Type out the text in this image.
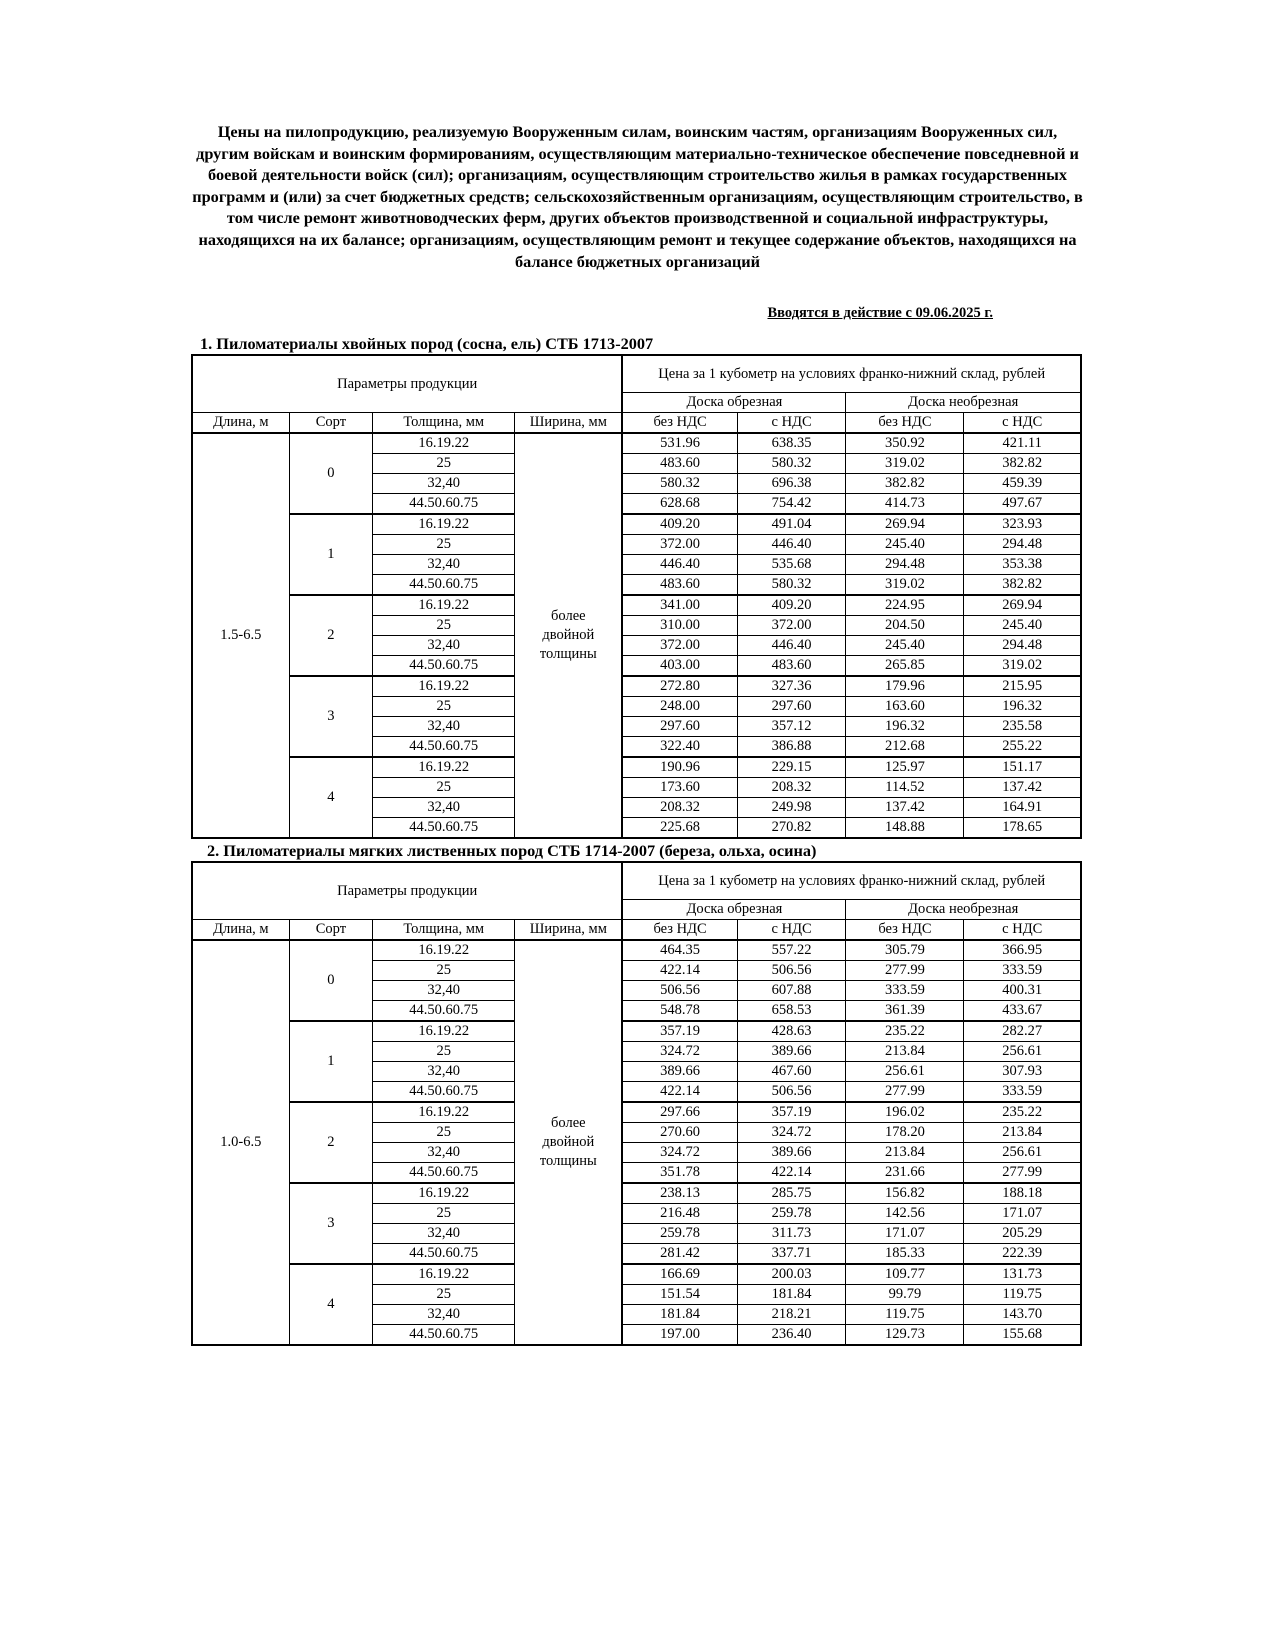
Цены на пилопродукцию, реализуемую Вооруженным силам, воинским частям, организациям Вооруженных сил, другим войскам и воинским формированиям, осуществляющим материально-техническое обеспечение повседневной и боевой деятельности войск (сил); организациям, осуществляющим строительство жилья в рамках государственных программ и (или) за счет бюджетных средств; сельскохозяйственным организациям, осуществляющим строительство, в том числе ремонт животноводческих ферм, других объектов производственной и социальной инфраструктуры, находящихся на их балансе; организациям, осуществляющим ремонт и текущее содержание объектов, находящихся на балансе бюджетных организаций
Вводятся в действие с 09.06.2025 г.
1. Пиломатериалы хвойных пород (сосна, ель) СТБ 1713-2007
Параметры продукции				Цена за 1 кубометр на условиях франко-нижний склад, рублей			
				Доска обрезная		Доска необрезная	
Длина, м	Сорт	Толщина, мм	Ширина, мм	без НДС	с НДС	без НДС	с НДС
1.5-6.5	0	16.19.22	более двойной толщины	531.96	638.35	350.92	421.11
		25		483.60	580.32	319.02	382.82
		32,40		580.32	696.38	382.82	459.39
		44.50.60.75		628.68	754.42	414.73	497.67
	1	16.19.22		409.20	491.04	269.94	323.93
		25		372.00	446.40	245.40	294.48
		32,40		446.40	535.68	294.48	353.38
		44.50.60.75		483.60	580.32	319.02	382.82
	2	16.19.22		341.00	409.20	224.95	269.94
		25		310.00	372.00	204.50	245.40
		32,40		372.00	446.40	245.40	294.48
		44.50.60.75		403.00	483.60	265.85	319.02
	3	16.19.22		272.80	327.36	179.96	215.95
		25		248.00	297.60	163.60	196.32
		32,40		297.60	357.12	196.32	235.58
		44.50.60.75		322.40	386.88	212.68	255.22
	4	16.19.22		190.96	229.15	125.97	151.17
		25		173.60	208.32	114.52	137.42
		32,40		208.32	249.98	137.42	164.91
		44.50.60.75		225.68	270.82	148.88	178.65
2. Пиломатериалы мягких лиственных пород СТБ 1714-2007 (береза, ольха, осина)
Параметры продукции				Цена за 1 кубометр на условиях франко-нижний склад, рублей			
				Доска обрезная		Доска необрезная	
Длина, м	Сорт	Толщина, мм	Ширина, мм	без НДС	с НДС	без НДС	с НДС
1.0-6.5	0	16.19.22	более двойной толщины	464.35	557.22	305.79	366.95
		25		422.14	506.56	277.99	333.59
		32,40		506.56	607.88	333.59	400.31
		44.50.60.75		548.78	658.53	361.39	433.67
	1	16.19.22		357.19	428.63	235.22	282.27
		25		324.72	389.66	213.84	256.61
		32,40		389.66	467.60	256.61	307.93
		44.50.60.75		422.14	506.56	277.99	333.59
	2	16.19.22		297.66	357.19	196.02	235.22
		25		270.60	324.72	178.20	213.84
		32,40		324.72	389.66	213.84	256.61
		44.50.60.75		351.78	422.14	231.66	277.99
	3	16.19.22		238.13	285.75	156.82	188.18
		25		216.48	259.78	142.56	171.07
		32,40		259.78	311.73	171.07	205.29
		44.50.60.75		281.42	337.71	185.33	222.39
	4	16.19.22		166.69	200.03	109.77	131.73
		25		151.54	181.84	99.79	119.75
		32,40		181.84	218.21	119.75	143.70
		44.50.60.75		197.00	236.40	129.73	155.68
